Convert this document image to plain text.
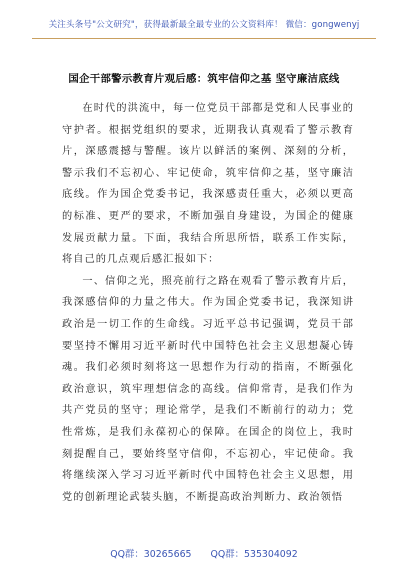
关注头条号"公文研究"，获得最新最全最专业的公文资料库！ 微信：gongwenyj
国企干部警示教育片观后感：筑牢信仰之基 坚守廉洁底线

在时代的洪流中，每一位党员干部都是党和人民事业的守护者。根据党组织的要求，近期我认真观看了警示教育片，深感震撼与警醒。该片以鲜活的案例、深刻的分析，警示我们不忘初心、牢记使命，筑牢信仰之基，坚守廉洁底线。作为国企党委书记，我深感责任重大，必须以更高的标准、更严的要求，不断加强自身建设，为国企的健康发展贡献力量。下面，我结合所思所悟，联系工作实际，将自己的几点观后感汇报如下：

一、信仰之光，照亮前行之路在观看了警示教育片后，我深感信仰的力量之伟大。作为国企党委书记，我深知讲政治是一切工作的生命线。习近平总书记强调，党员干部要坚持不懈用习近平新时代中国特色社会主义思想凝心铸魂。我们必须时刻将这一思想作为行动的指南，不断强化政治意识，筑牢理想信念的高线。信仰常青，是我们作为共产党员的坚守；理论常学，是我们不断前行的动力；党性常炼，是我们永葆初心的保障。在国企的岗位上，我时刻提醒自己，要始终坚守信仰，不忘初心，牢记使命。我将继续深入学习习近平新时代中国特色社会主义思想，用党的创新理论武装头脑，不断提高政治判断力、政治领悟

QQ群：30265665 QQ群：535304092
